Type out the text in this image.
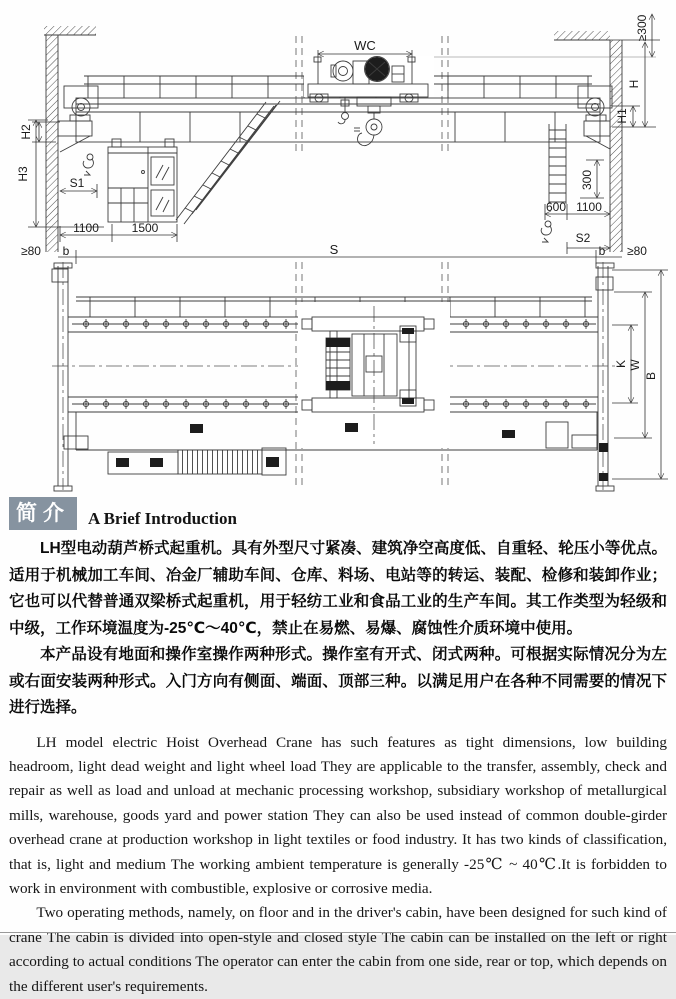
WC
≥300
H
H1
H2
H3
S1
1100	1500
300
600 1100
S2
S
b	b
≥80	≥80
K W
B
简介	A Brief Introduction

LH型电动葫芦桥式起重机。具有外型尺寸紧凑、建筑净空高度低、自重轻、轮压小等优点。适用于机械加工车间、冶金厂辅助车间、仓库、料场、电站等的转运、装配、检修和装卸作业；它也可以代替普通双梁桥式起重机，用于轻纺工业和食品工业的生产车间。其工作类型为轻级和中级，工作环境温度为-25℃～40℃，禁止在易燃、易爆、腐蚀性介质环境中使用。

本产品设有地面和操作室操作两种形式。操作室有开式、闭式两种。可根据实际情况分为左或右面安装两种形式。入门方向有侧面、端面、顶部三种。以满足用户在各种不同需要的情况下进行选择。

LH model electric Hoist Overhead Crane has such features as tight dimensions, low building headroom, light dead weight and light wheel load They are applicable to the transfer, assembly, check and repair as well as load and unload at mechanic processing workshop, subsidiary workshop of metallurgical mills, warehouse, goods yard and power station They can also be used instead of common double-girder overhead crane at production workshop in light textiles or food industry. It has two kinds of classification, that is, light and medium The working ambient temperature is generally -25℃ ~ 40℃.It is forbidden to work in environment with combustible, explosive or corrosive media.

Two operating methods, namely, on floor and in the driver's cabin, have been designed for such kind of crane The cabin is divided into open-style and closed style The cabin can be installed on the left or right according to actual conditions The operator can enter the cabin from one side, rear or top, which depends on the different user's requirements.
